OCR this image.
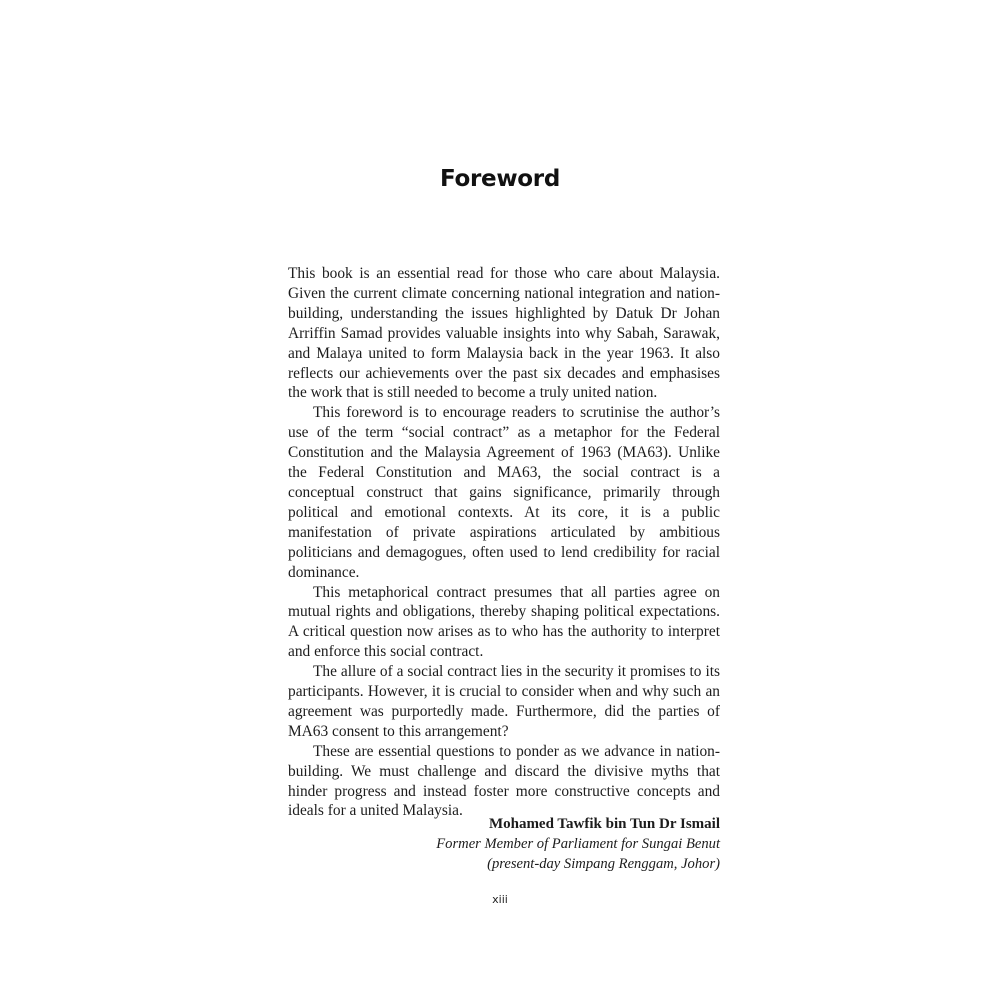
Foreword

This book is an essential read for those who care about Malaysia. Given the current climate concerning national integration and nation-building, understanding the issues highlighted by Datuk Dr Johan Arriffin Samad provides valuable insights into why Sabah, Sarawak, and Malaya united to form Malaysia back in the year 1963. It also reflects our achievements over the past six decades and emphasises the work that is still needed to become a truly united nation.

This foreword is to encourage readers to scrutinise the author’s use of the term “social contract” as a metaphor for the Federal Constitution and the Malaysia Agreement of 1963 (MA63). Unlike the Federal Constitution and MA63, the social contract is a conceptual construct that gains significance, primarily through political and emotional contexts. At its core, it is a public manifestation of private aspirations articulated by ambitious politicians and demagogues, often used to lend credibility for racial dominance.

This metaphorical contract presumes that all parties agree on mutual rights and obligations, thereby shaping political expectations. A critical question now arises as to who has the authority to interpret and enforce this social contract.

The allure of a social contract lies in the security it promises to its participants. However, it is crucial to consider when and why such an agreement was purportedly made. Furthermore, did the parties of MA63 consent to this arrangement?

These are essential questions to ponder as we advance in nation-building. We must challenge and discard the divisive myths that hinder progress and instead foster more constructive concepts and ideals for a united Malaysia.

Mohamed Tawfik bin Tun Dr Ismail
Former Member of Parliament for Sungai Benut
(present-day Simpang Renggam, Johor)
xiii
